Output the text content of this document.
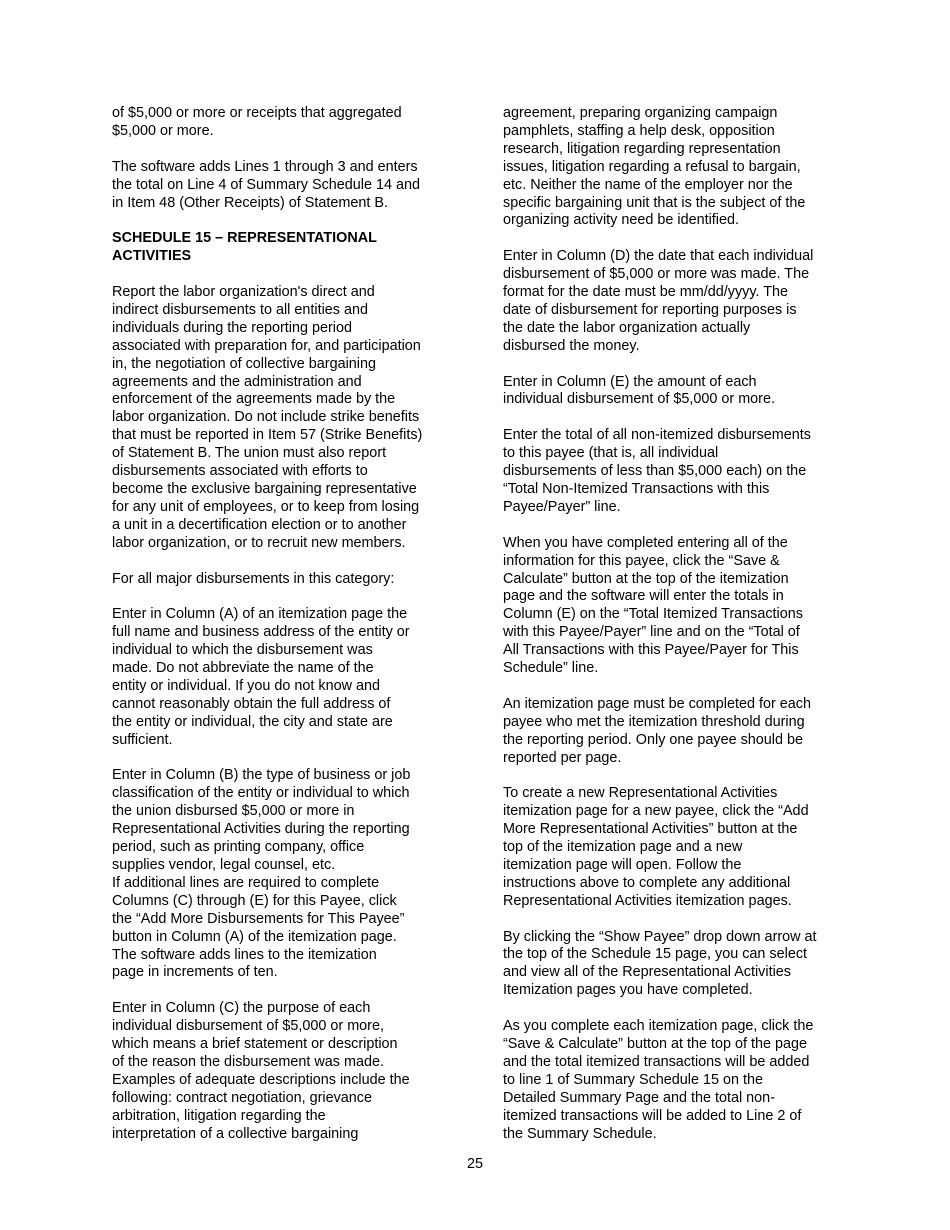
of $5,000 or more or receipts that aggregated
$5,000 or more.

The software adds Lines 1 through 3 and enters
the total on Line 4 of Summary Schedule 14 and
in Item 48 (Other Receipts) of Statement B.

SCHEDULE 15 – REPRESENTATIONAL
ACTIVITIES

Report the labor organization's direct and
indirect disbursements to all entities and
individuals during the reporting period
associated with preparation for, and participation
in, the negotiation of collective bargaining
agreements and the administration and
enforcement of the agreements made by the
labor organization. Do not include strike benefits
that must be reported in Item 57 (Strike Benefits)
of Statement B. The union must also report
disbursements associated with efforts to
become the exclusive bargaining representative
for any unit of employees, or to keep from losing
a unit in a decertification election or to another
labor organization, or to recruit new members.

For all major disbursements in this category:

Enter in Column (A) of an itemization page the
full name and business address of the entity or
individual to which the disbursement was
made. Do not abbreviate the name of the
entity or individual. If you do not know and
cannot reasonably obtain the full address of
the entity or individual, the city and state are
sufficient.

Enter in Column (B) the type of business or job
classification of the entity or individual to which
the union disbursed $5,000 or more in
Representational Activities during the reporting
period, such as printing company, office
supplies vendor, legal counsel, etc.
If additional lines are required to complete
Columns (C) through (E) for this Payee, click
the “Add More Disbursements for This Payee”
button in Column (A) of the itemization page.
The software adds lines to the itemization
page in increments of ten.

Enter in Column (C) the purpose of each
individual disbursement of $5,000 or more,
which means a brief statement or description
of the reason the disbursement was made.
Examples of adequate descriptions include the
following: contract negotiation, grievance
arbitration, litigation regarding the
interpretation of a collective bargaining

agreement, preparing organizing campaign
pamphlets, staffing a help desk, opposition
research, litigation regarding representation
issues, litigation regarding a refusal to bargain,
etc. Neither the name of the employer nor the
specific bargaining unit that is the subject of the
organizing activity need be identified.

Enter in Column (D) the date that each individual
disbursement of $5,000 or more was made. The
format for the date must be mm/dd/yyyy. The
date of disbursement for reporting purposes is
the date the labor organization actually
disbursed the money.

Enter in Column (E) the amount of each
individual disbursement of $5,000 or more.

Enter the total of all non-itemized disbursements
to this payee (that is, all individual
disbursements of less than $5,000 each) on the
“Total Non-Itemized Transactions with this
Payee/Payer” line.

When you have completed entering all of the
information for this payee, click the “Save &
Calculate” button at the top of the itemization
page and the software will enter the totals in
Column (E) on the “Total Itemized Transactions
with this Payee/Payer” line and on the “Total of
All Transactions with this Payee/Payer for This
Schedule” line.

An itemization page must be completed for each
payee who met the itemization threshold during
the reporting period. Only one payee should be
reported per page.

To create a new Representational Activities
itemization page for a new payee, click the “Add
More Representational Activities” button at the
top of the itemization page and a new
itemization page will open. Follow the
instructions above to complete any additional
Representational Activities itemization pages.

By clicking the “Show Payee” drop down arrow at
the top of the Schedule 15 page, you can select
and view all of the Representational Activities
Itemization pages you have completed.

As you complete each itemization page, click the
“Save & Calculate” button at the top of the page
and the total itemized transactions will be added
to line 1 of Summary Schedule 15 on the
Detailed Summary Page and the total non-
itemized transactions will be added to Line 2 of
the Summary Schedule.

25
